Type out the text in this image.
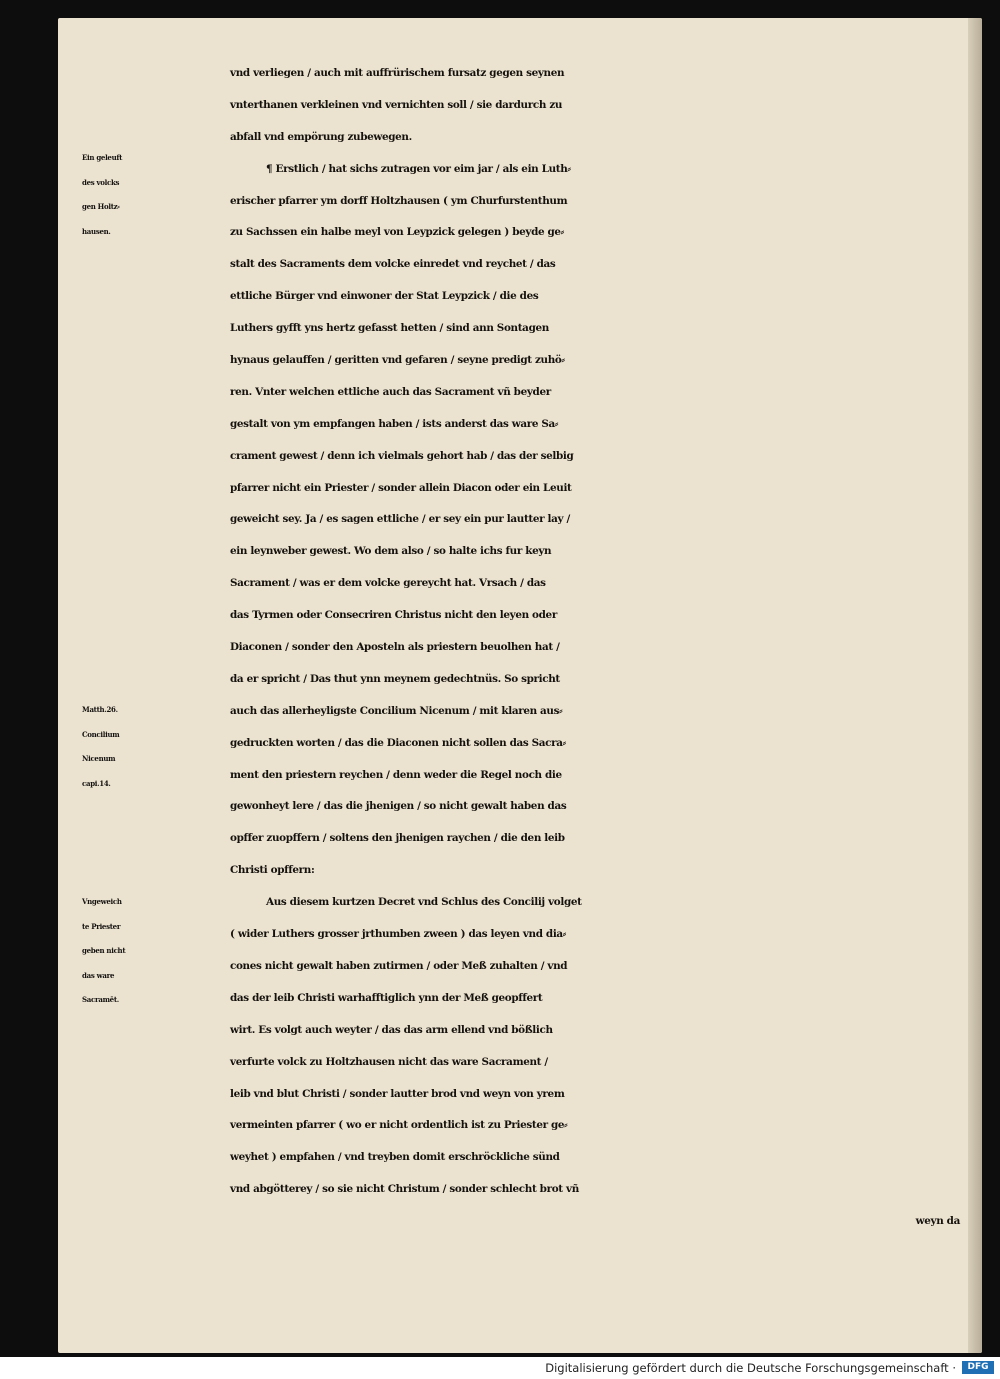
Ein geleuft
des volcks
gen Holtz⸗
hausen.
Matth.26.
Concilium
Nicenum
capi.14.
Vngeweich
te Priester
geben nicht
das ware
Sacramēt.
vnd verliegen / auch mit auffrürischem fursatz gegen seynen
vnterthanen verkleinen vnd vernichten soll / sie dardurch zu
abfall vnd empörung zubewegen.
¶ Erstlich / hat sichs zutragen vor eim jar / als ein Luth⸗
erischer pfarrer ym dorff Holtzhausen ( ym Churfurstenthum
zu Sachssen ein halbe meyl von Leypzick gelegen ) beyde ge⸗
stalt des Sacraments dem volcke einredet vnd reychet / das
ettliche Bürger vnd einwoner der Stat Leypzick / die des
Luthers gyfft yns hertz gefasst hetten / sind ann Sontagen
hynaus gelauffen / geritten vnd gefaren / seyne predigt zuhö⸗
ren. Vnter welchen ettliche auch das Sacrament vñ beyder
gestalt von ym empfangen haben / ists anderst das ware Sa⸗
crament gewest / denn ich vielmals gehort hab / das der selbig
pfarrer nicht ein Priester / sonder allein Diacon oder ein Leuit
geweicht sey. Ja / es sagen ettliche / er sey ein pur lautter lay /
ein leynweber gewest. Wo dem also / so halte ichs fur keyn
Sacrament / was er dem volcke gereycht hat. Vrsach / das
das Tyrmen oder Consecriren Christus nicht den leyen oder
Diaconen / sonder den Aposteln als priestern beuolhen hat /
da er spricht / Das thut ynn meynem gedechtnüs. So spricht
auch das allerheyligste Concilium Nicenum / mit klaren aus⸗
gedruckten worten / das die Diaconen nicht sollen das Sacra⸗
ment den priestern reychen / denn weder die Regel noch die
gewonheyt lere / das die jhenigen / so nicht gewalt haben das
opffer zuopffern / soltens den jhenigen raychen / die den leib
Christi opffern:
Aus diesem kurtzen Decret vnd Schlus des Concilij volget
( wider Luthers grosser jrthumben zween ) das leyen vnd dia⸗
cones nicht gewalt haben zutirmen / oder Meß zuhalten / vnd
das der leib Christi warhafftiglich ynn der Meß geopffert
wirt. Es volgt auch weyter / das das arm ellend vnd bößlich
verfurte volck zu Holtzhausen nicht das ware Sacrament /
leib vnd blut Christi / sonder lautter brod vnd weyn von yrem
vermeinten pfarrer ( wo er nicht ordentlich ist zu Priester ge⸗
weyhet ) empfahen / vnd treyben domit erschröckliche sünd
vnd abgötterey / so sie nicht Christum / sonder schlecht brot vñ
weyn da
Digitalisierung gefördert durch die Deutsche Forschungsgemeinschaft ·	DFG
